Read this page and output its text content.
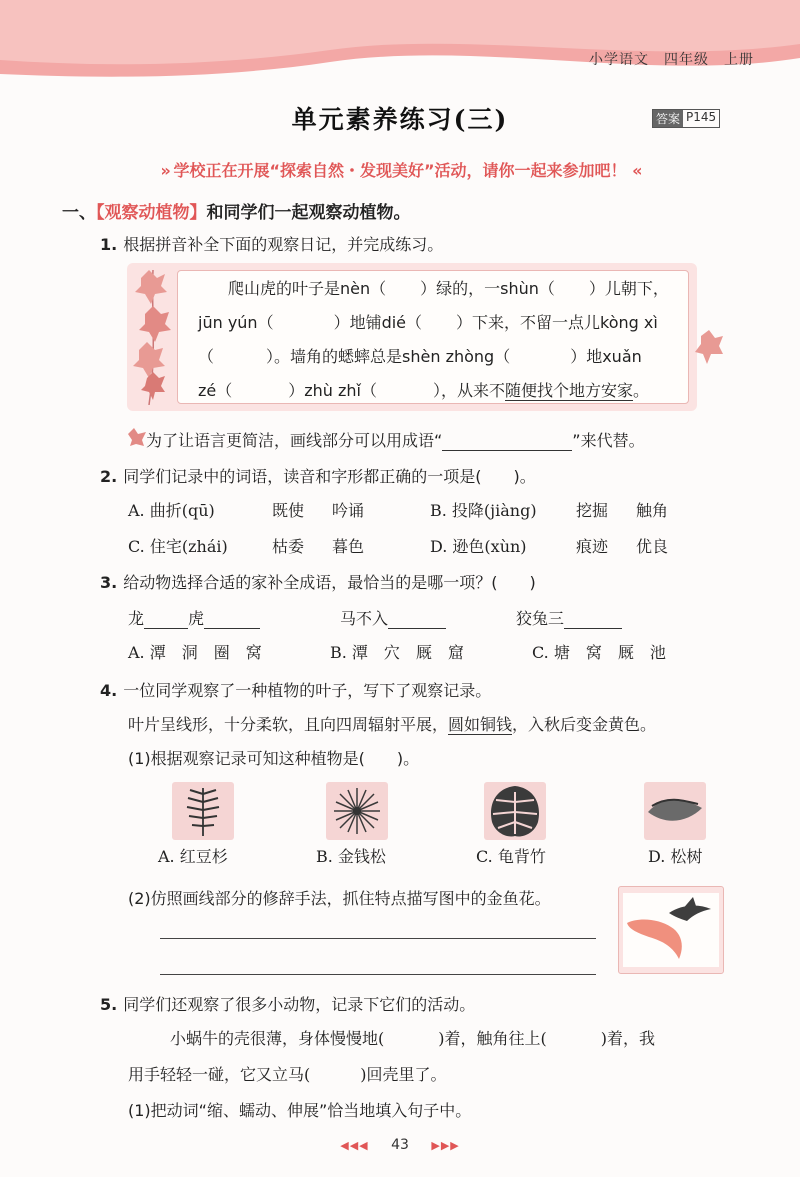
小学语文　四年级　上册
单元素养练习(三)	答案 P145
» 学校正在开展“探索自然・发现美好”活动，请你一起来参加吧！ «
一、【观察动植物】和同学们一起观察动植物。
1. 根据拼音补全下面的观察日记，并完成练习。
爬山虎的叶子是nèn（ ）绿的，一shùn（ ）儿朝下，
jūn yún（	）地铺dié（ ）下来，不留一点儿kòng xì
（	）。墙角的蟋蟀总是shèn zhòng（	）地xuǎn
zé（	）zhù zhǐ（	），从来不随便找个地方安家。
为了让语言更简洁，画线部分可以用成语“	”来代替。
2. 同学们记录中的词语，读音和字形都正确的一项是(　　)。
A. 曲折(qū)	既使 吟诵	B. 投降(jiàng) 挖掘 触角
C. 住宅(zhái)	枯委 暮色	D. 逊色(xùn)	痕迹 优良
3. 给动物选择合适的家补全成语，最恰当的是哪一项？(　　)
龙	虎	马不入	狡兔三
A. 潭　洞　圈　窝	B. 潭　穴　厩　窟	C. 塘　窝　厩　池
4. 一位同学观察了一种植物的叶子，写下了观察记录。
叶片呈线形，十分柔软，且向四周辐射平展，圆如铜钱，入秋后变金黄色。
(1)根据观察记录可知这种植物是(　　)。
A. 红豆杉	B. 金钱松	C. 龟背竹	D. 松树
(2)仿照画线部分的修辞手法，抓住特点描写图中的金鱼花。
5. 同学们还观察了很多小动物，记录下它们的活动。
小蜗牛的壳很薄，身体慢慢地(	)着，触角往上(	)着，我
用手轻轻一碰，它又立马(	)回壳里了。
(1)把动词“缩、蠕动、伸展”恰当地填入句子中。
◀◀◀ 43 ▶▶▶
